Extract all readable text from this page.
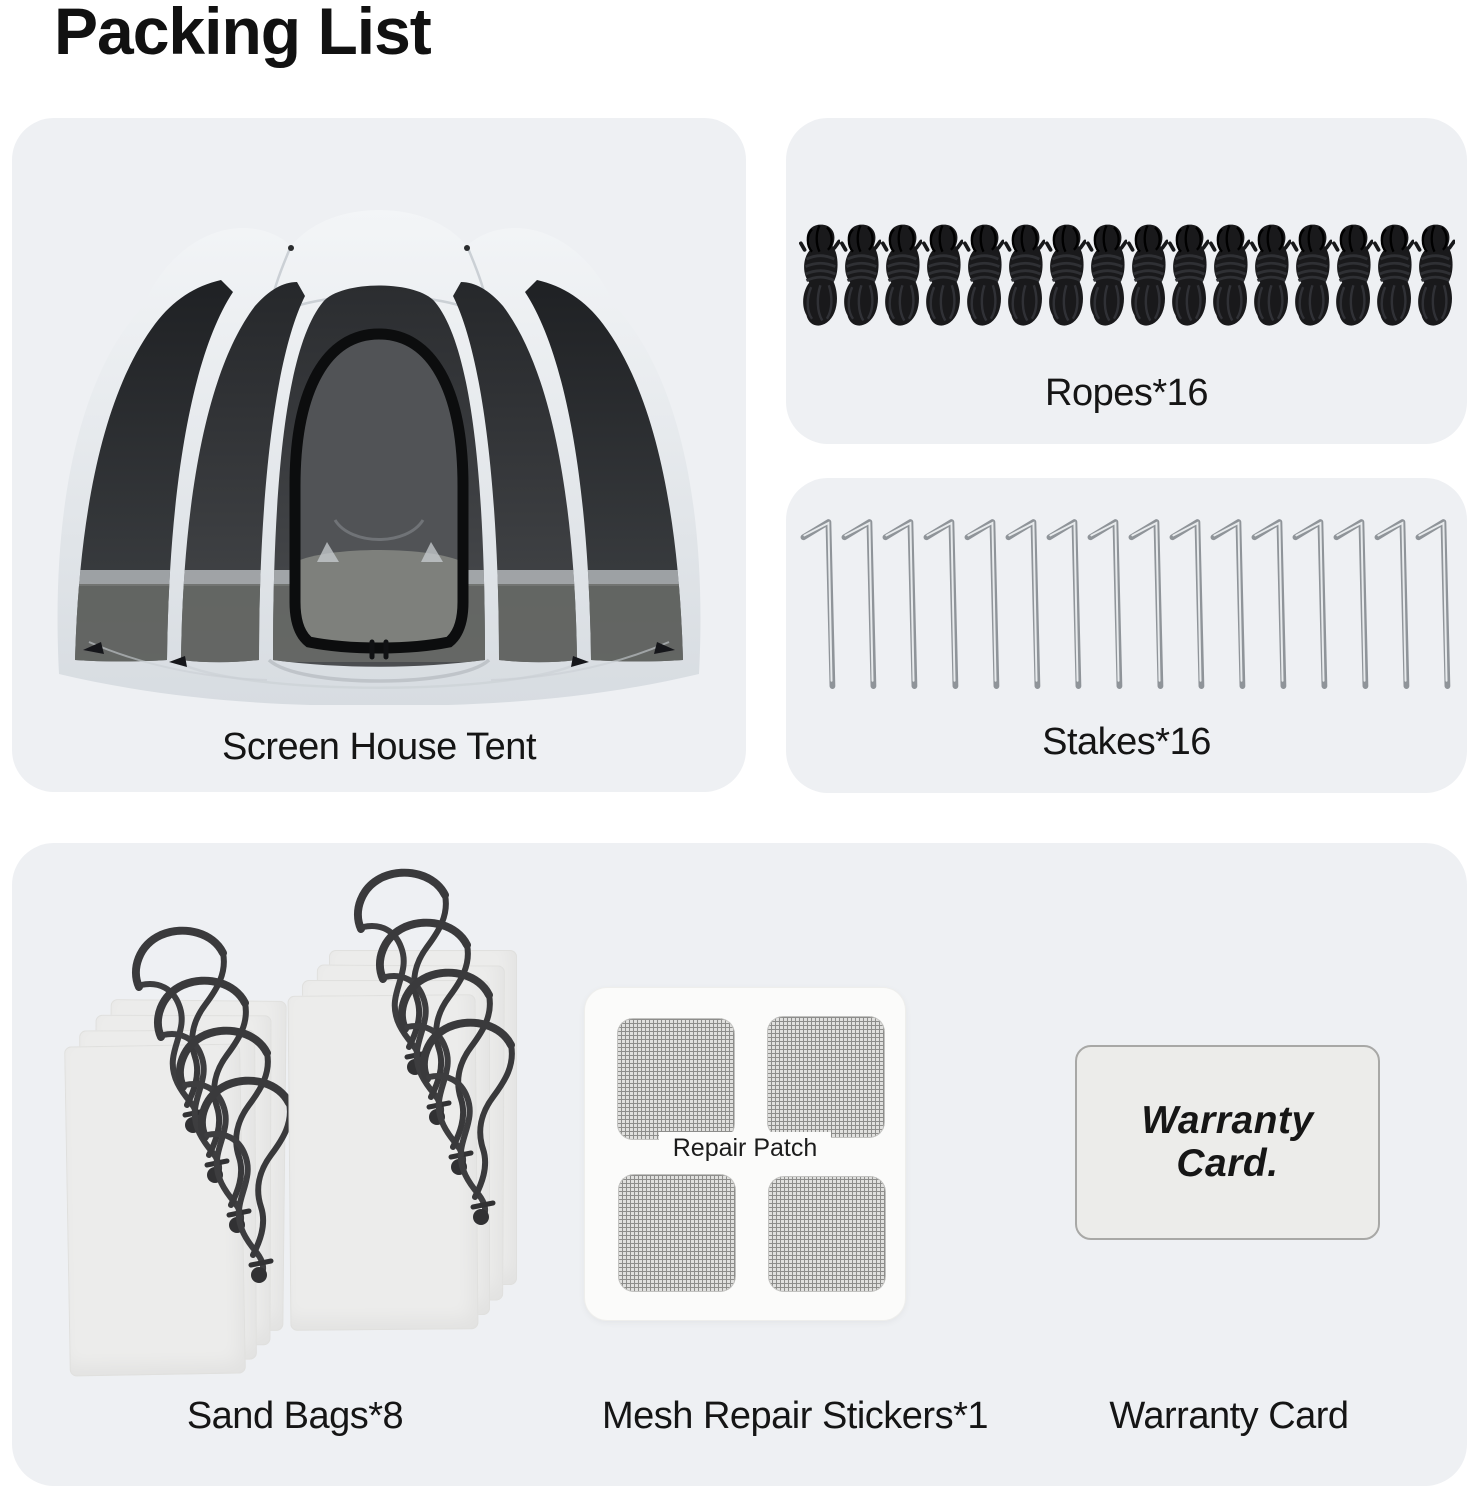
Packing List
Screen House Tent
Ropes*16
Stakes*16
Repair Patch
Warranty Card.
Sand Bags*8	Mesh Repair Stickers*1	Warranty Card
